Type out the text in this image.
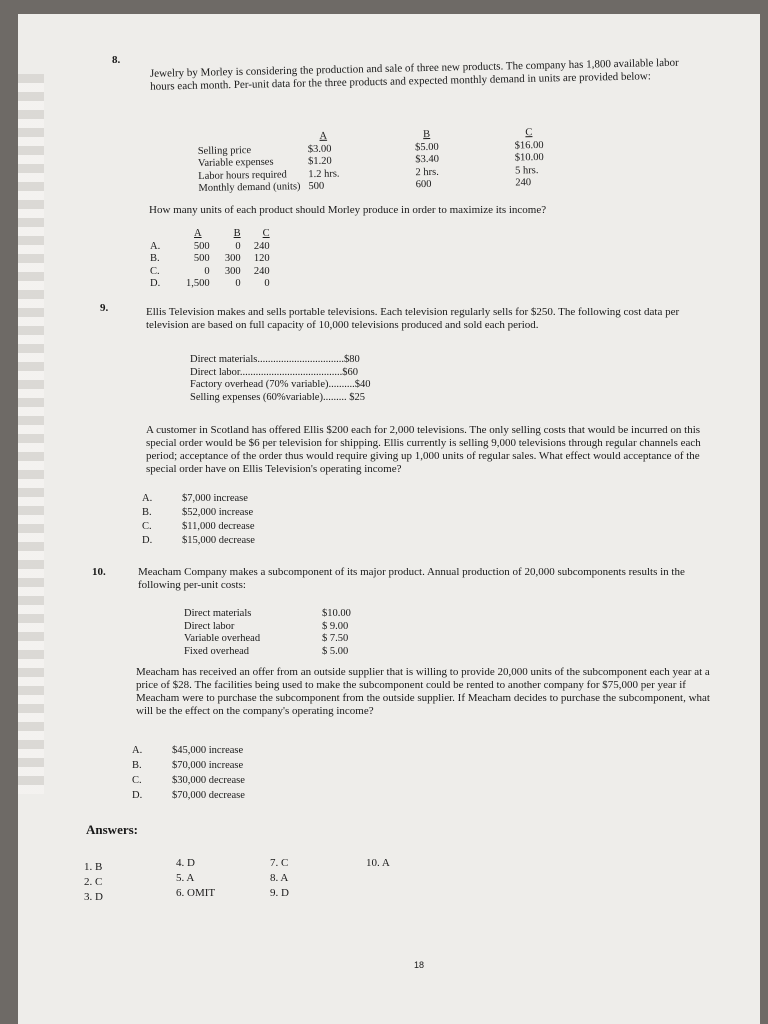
8.	Jewelry by Morley is considering the production and sale of three new products. The company has 1,800 available labor hours each month. Per-unit data for the three products and expected monthly demand in units are provided below:
	A		B		C
Selling price	$3.00		$5.00		$16.00
Variable expenses	$1.20		$3.40		$10.00
Labor hours required	1.2 hrs.		2 hrs.		5 hrs.
Monthly demand (units)	500		600		240
How many units of each product should Morley produce in order to maximize its income?
	A	B	C
A.	500	0	240
B.	500	300	120
C.	0	300	240
D.	1,500	0	0
9.	Ellis Television makes and sells portable televisions. Each television regularly sells for $250. The following cost data per television are based on full capacity of 10,000 televisions produced and sold each period.
Direct materials.................................$80
Direct labor.......................................$60
Factory overhead (70% variable)..........$40
Selling expenses (60%variable)......... $25
A customer in Scotland has offered Ellis $200 each for 2,000 televisions. The only selling costs that would be incurred on this special order would be $6 per television for shipping. Ellis currently is selling 9,000 televisions through regular channels each period; acceptance of the order thus would require giving up 1,000 units of regular sales. What effect would acceptance of the special order have on Ellis Television's operating income?
A.	$7,000 increase
B.	$52,000 increase
C.	$11,000 decrease
D.	$15,000 decrease
10.	Meacham Company makes a subcomponent of its major product. Annual production of 20,000 subcomponents results in the following per-unit costs:
Direct materials	$10.00
Direct labor	$ 9.00
Variable overhead	$ 7.50
Fixed overhead	$ 5.00
Meacham has received an offer from an outside supplier that is willing to provide 20,000 units of the subcomponent each year at a price of $28. The facilities being used to make the subcomponent could be rented to another company for $75,000 per year if Meacham were to purchase the subcomponent from the outside supplier. If Meacham decides to purchase the subcomponent, what will be the effect on the company's operating income?
A.	$45,000 increase
B.	$70,000 increase
C.	$30,000 decrease
D.	$70,000 decrease
Answers:
1. B
2. C
3. D
4. D
5. A
6. OMIT
7. C
8. A
9. D
10. A
18
